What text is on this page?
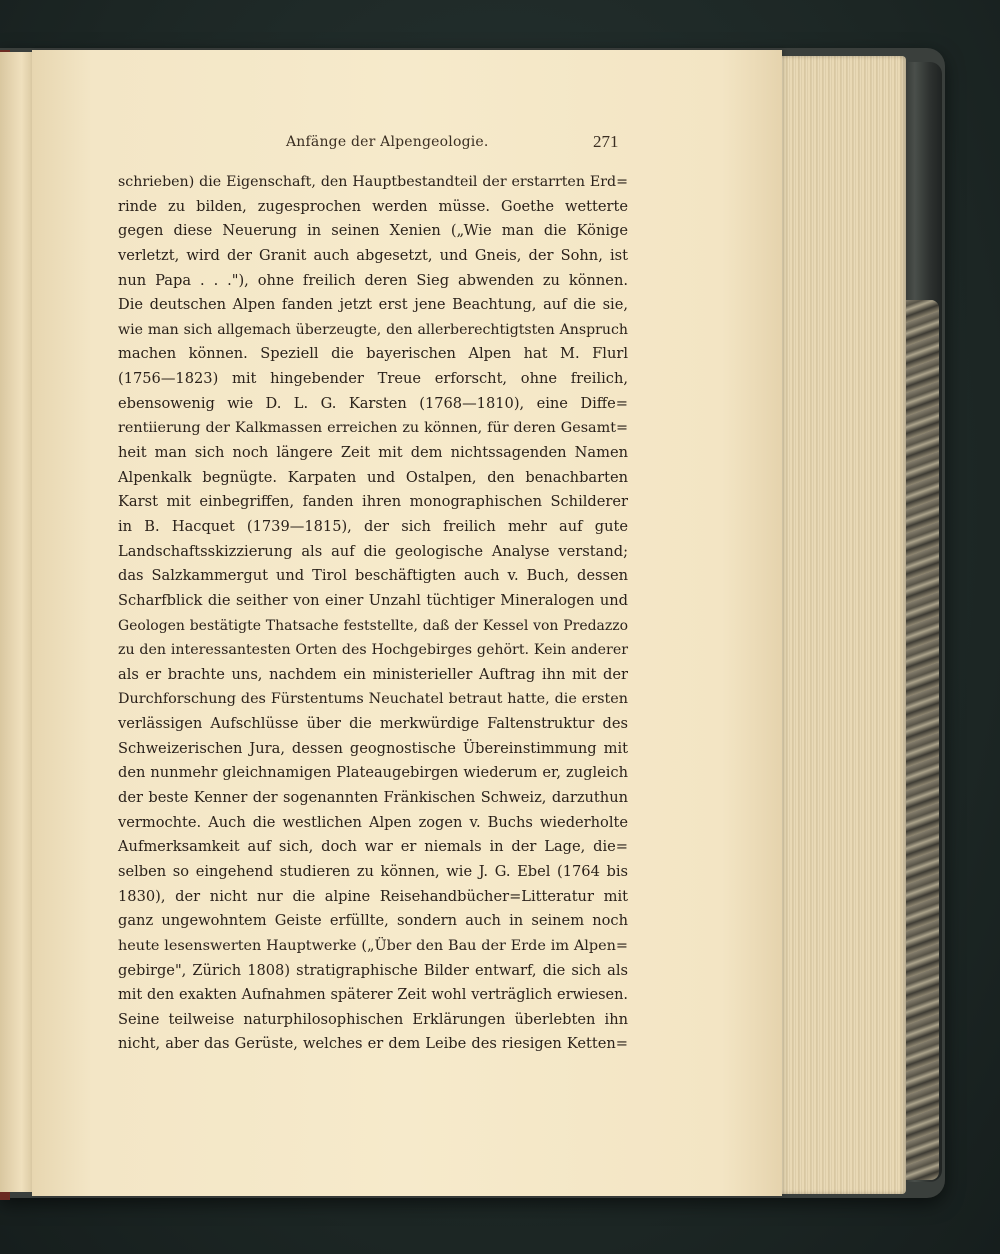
Anfänge der Alpengeologie.	271
schrieben) die Eigenschaft, den Hauptbestandteil der erstarrten Erd=
rinde zu bilden, zugesprochen werden müsse. Goethe wetterte
gegen diese Neuerung in seinen Xenien („Wie man die Könige
verletzt, wird der Granit auch abgesetzt, und Gneis, der Sohn, ist
nun Papa . . ."), ohne freilich deren Sieg abwenden zu können.
Die deutschen Alpen fanden jetzt erst jene Beachtung, auf die sie,
wie man sich allgemach überzeugte, den allerberechtigtsten Anspruch
machen können. Speziell die bayerischen Alpen hat M. Flurl
(1756—1823) mit hingebender Treue erforscht, ohne freilich,
ebensowenig wie D. L. G. Karsten (1768—1810), eine Diffe=
rentiierung der Kalkmassen erreichen zu können, für deren Gesamt=
heit man sich noch längere Zeit mit dem nichtssagenden Namen
Alpenkalk begnügte. Karpaten und Ostalpen, den benachbarten
Karst mit einbegriffen, fanden ihren monographischen Schilderer
in B. Hacquet (1739—1815), der sich freilich mehr auf gute
Landschaftsskizzierung als auf die geologische Analyse verstand;
das Salzkammergut und Tirol beschäftigten auch v. Buch, dessen
Scharfblick die seither von einer Unzahl tüchtiger Mineralogen und
Geologen bestätigte Thatsache feststellte, daß der Kessel von Predazzo
zu den interessantesten Orten des Hochgebirges gehört. Kein anderer
als er brachte uns, nachdem ein ministerieller Auftrag ihn mit der
Durchforschung des Fürstentums Neuchatel betraut hatte, die ersten
verlässigen Aufschlüsse über die merkwürdige Faltenstruktur des
Schweizerischen Jura, dessen geognostische Übereinstimmung mit
den nunmehr gleichnamigen Plateaugebirgen wiederum er, zugleich
der beste Kenner der sogenannten Fränkischen Schweiz, darzuthun
vermochte. Auch die westlichen Alpen zogen v. Buchs wiederholte
Aufmerksamkeit auf sich, doch war er niemals in der Lage, die=
selben so eingehend studieren zu können, wie J. G. Ebel (1764 bis
1830), der nicht nur die alpine Reisehandbücher=Litteratur mit
ganz ungewohntem Geiste erfüllte, sondern auch in seinem noch
heute lesenswerten Hauptwerke („Über den Bau der Erde im Alpen=
gebirge", Zürich 1808) stratigraphische Bilder entwarf, die sich als
mit den exakten Aufnahmen späterer Zeit wohl verträglich erwiesen.
Seine teilweise naturphilosophischen Erklärungen überlebten ihn
nicht, aber das Gerüste, welches er dem Leibe des riesigen Ketten=
